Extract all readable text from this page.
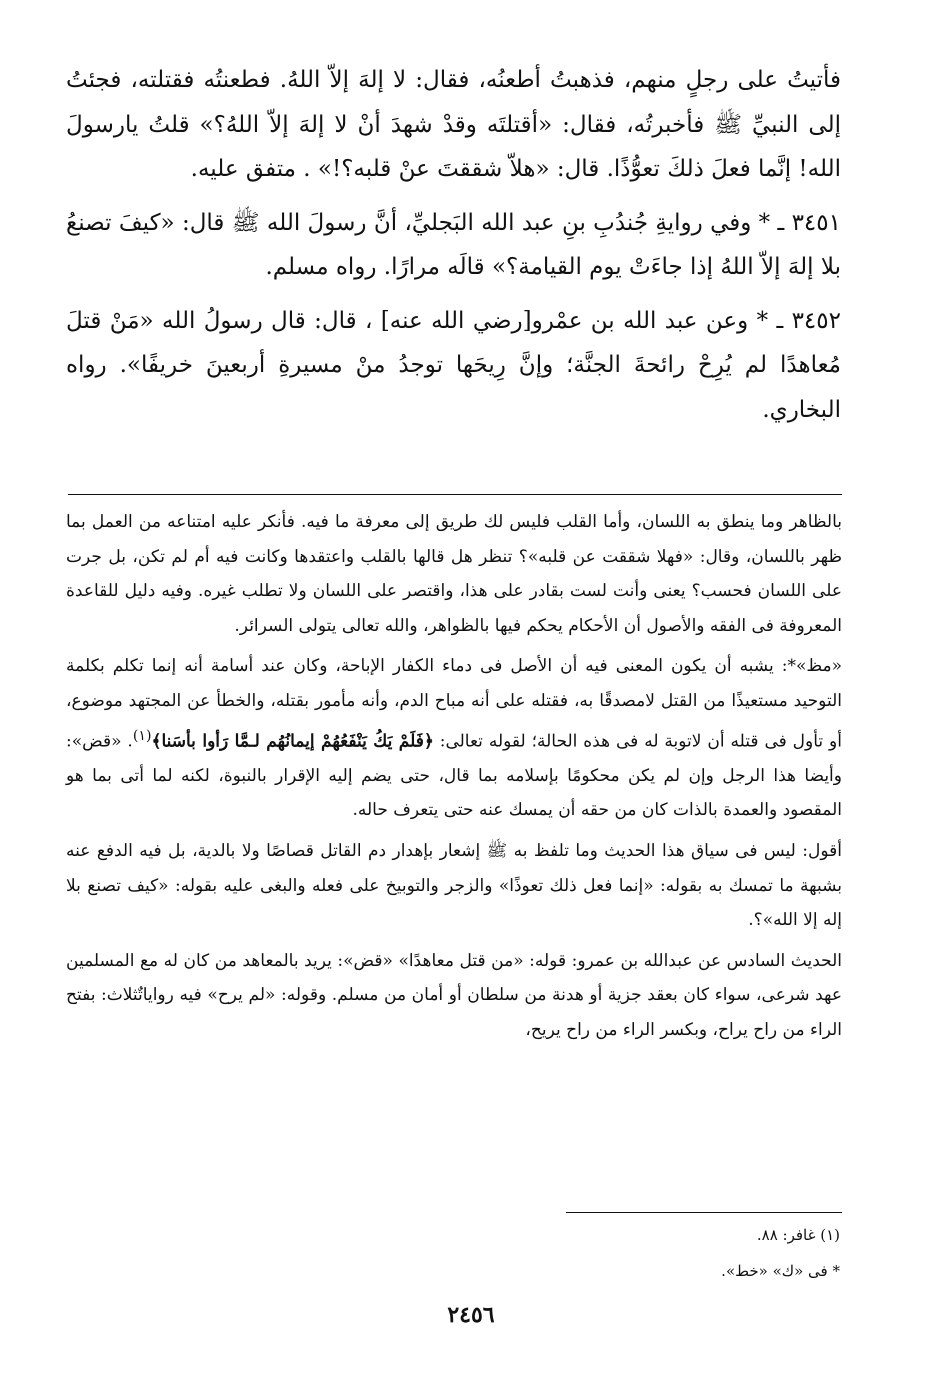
فأتيتُ على رجلٍ منهم، فذهبتُ أطعنُه، فقال: لا إلهَ إلاّ اللهُ. فطعنتُه فقتلته، فجئتُ إلى النبيِّ ﷺ فأخبرتُه، فقال: «أقتلتَه وقدْ شهدَ أنْ لا إلهَ إلاّ اللهُ؟» قلتُ يارسولَ الله! إنَّما فعلَ ذلكَ تعوُّذًا. قال: «هلاّ شققتَ عنْ قلبه؟!» . متفق عليه.

٣٤٥١ ـ * وفي روايةِ جُندُبِ بنِ عبد الله البَجليِّ، أنَّ رسولَ الله ﷺ قال: «كيفَ تصنعُ بلا إلهَ إلاّ اللهُ إذا جاءَتْ يوم القيامة؟» قالَه مرارًا. رواه مسلم.

٣٤٥٢ ـ * وعن عبد الله بن عمْرو[رضي الله عنه] ، قال: قال رسولُ الله «مَنْ قتلَ مُعاهدًا لم يُرِحْ رائحةَ الجنَّة؛ وإنَّ رِيحَها توجدُ منْ مسيرةِ أربعينَ خريفًا». رواه البخاري.

بالظاهر وما ينطق به اللسان، وأما القلب فليس لك طريق إلى معرفة ما فيه. فأنكر عليه امتناعه من العمل بما ظهر باللسان، وقال: «فهلا شققت عن قلبه»؟ تنظر هل قالها بالقلب واعتقدها وكانت فيه أم لم تكن، بل جرت على اللسان فحسب؟ يعنى وأنت لست بقادر على هذا، واقتصر على اللسان ولا تطلب غيره. وفيه دليل للقاعدة المعروفة فى الفقه والأصول أن الأحكام يحكم فيها بالظواهر، والله تعالى يتولى السرائر.

«مظ»*: يشبه أن يكون المعنى فيه أن الأصل فى دماء الكفار الإباحة، وكان عند أسامة أنه إنما تكلم بكلمة التوحيد مستعيذًا من القتل لامصدقًا به، فقتله على أنه مباح الدم، وأنه مأمور بقتله، والخطأ عن المجتهد موضوع، أو تأول فى قتله أن لاتوبة له فى هذه الحالة؛ لقوله تعالى: ﴿فَلَمْ يَكُ يَنْفَعُهُمْ إيمانُهُم لـمَّا رَأوا بأسَنا﴾$^{(١)}$. «قض»: وأيضا هذا الرجل وإن لم يكن محكومًا بإسلامه بما قال، حتى يضم إليه الإقرار بالنبوة، لكنه لما أتى بما هو المقصود والعمدة بالذات كان من حقه أن يمسك عنه حتى يتعرف حاله.

أقول: ليس فى سياق هذا الحديث وما تلفظ به ﷺ إشعار بإهدار دم القاتل قصاصًا ولا بالدية، بل فيه الدفع عنه بشبهة ما تمسك به بقوله: «إنما فعل ذلك تعوذًا» والزجر والتوبيخ على فعله والبغى عليه بقوله: «كيف تصنع بلا إله إلا الله»؟.

الحديث السادس عن عبدالله بن عمرو: قوله: «من قتل معاهدًا» «قض»: يريد بالمعاهد من كان له مع المسلمين عهد شرعى، سواء كان بعقد جزية أو هدنة من سلطان أو أمان من مسلم. وقوله: «لم يرح» فيه رواياتٌثلاث: بفتح الراء من راح يراح، وبكسر الراء من راح يريح،

(١) غافر: ٨٨.
* فى «ك» «خط».
٢٤٥٦
